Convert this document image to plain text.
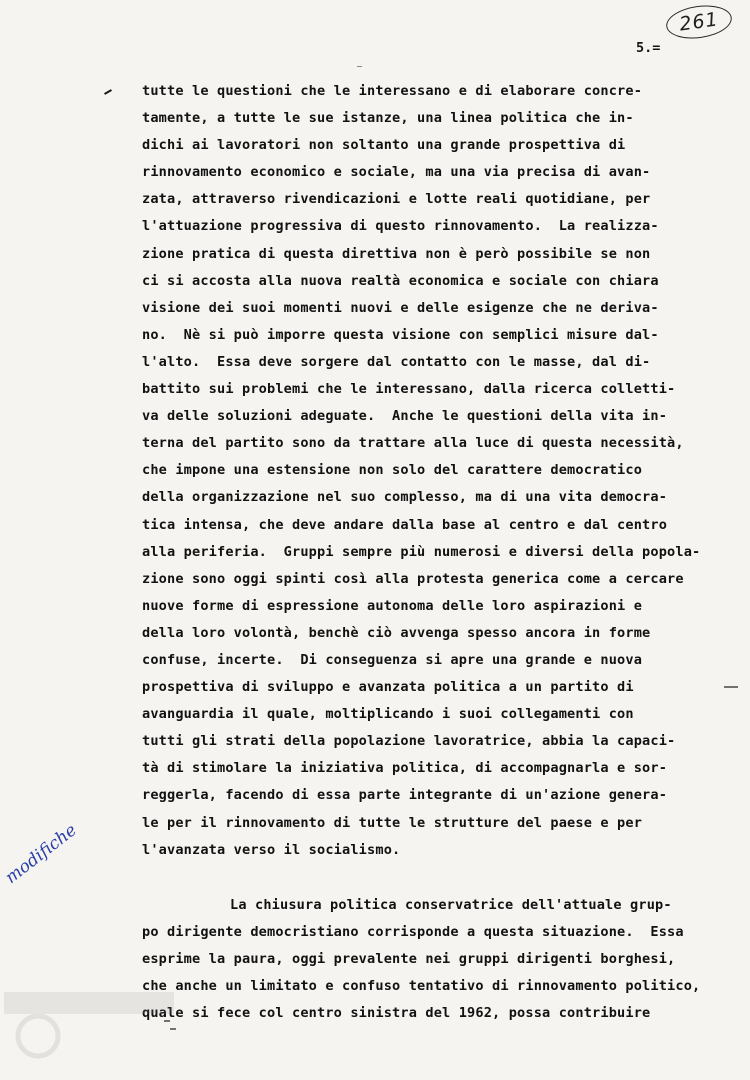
261
5.=
tutte le questioni che le interessano e di elaborare concre-
tamente, a tutte le sue istanze, una linea politica che in-
dichi ai lavoratori non soltanto una grande prospettiva di
rinnovamento economico e sociale, ma una via precisa di avan-
zata, attraverso rivendicazioni e lotte reali quotidiane, per
l'attuazione progressiva di questo rinnovamento.  La realizza-
zione pratica di questa direttiva non è però possibile se non
ci si accosta alla nuova realtà economica e sociale con chiara
visione dei suoi momenti nuovi e delle esigenze che ne deriva-
no.  Nè si può imporre questa visione con semplici misure dal-
l'alto.  Essa deve sorgere dal contatto con le masse, dal di-
battito sui problemi che le interessano, dalla ricerca colletti-
va delle soluzioni adeguate.  Anche le questioni della vita in-
terna del partito sono da trattare alla luce di questa necessità,
che impone una estensione non solo del carattere democratico
della organizzazione nel suo complesso, ma di una vita democra-
tica intensa, che deve andare dalla base al centro e dal centro
alla periferia.  Gruppi sempre più numerosi e diversi della popola-
zione sono oggi spinti così alla protesta generica come a cercare
nuove forme di espressione autonoma delle loro aspirazioni e
della loro volontà, benchè ciò avvenga spesso ancora in forme
confuse, incerte.  Di conseguenza si apre una grande e nuova
prospettiva di sviluppo e avanzata politica a un partito di
avanguardia il quale, moltiplicando i suoi collegamenti con
tutti gli strati della popolazione lavoratrice, abbia la capaci-
tà di stimolare la iniziativa politica, di accompagnarla e sor-
reggerla, facendo di essa parte integrante di un'azione genera-
le per il rinnovamento di tutte le strutture del paese e per
l'avanzata verso il socialismo.
La chiusura politica conservatrice dell'attuale grup-
po dirigente democristiano corrisponde a questa situazione.  Essa
esprime la paura, oggi prevalente nei gruppi dirigenti borghesi,
che anche un limitato e confuso tentativo di rinnovamento politico,
quale si fece col centro sinistra del 1962, possa contribuire
modifiche
